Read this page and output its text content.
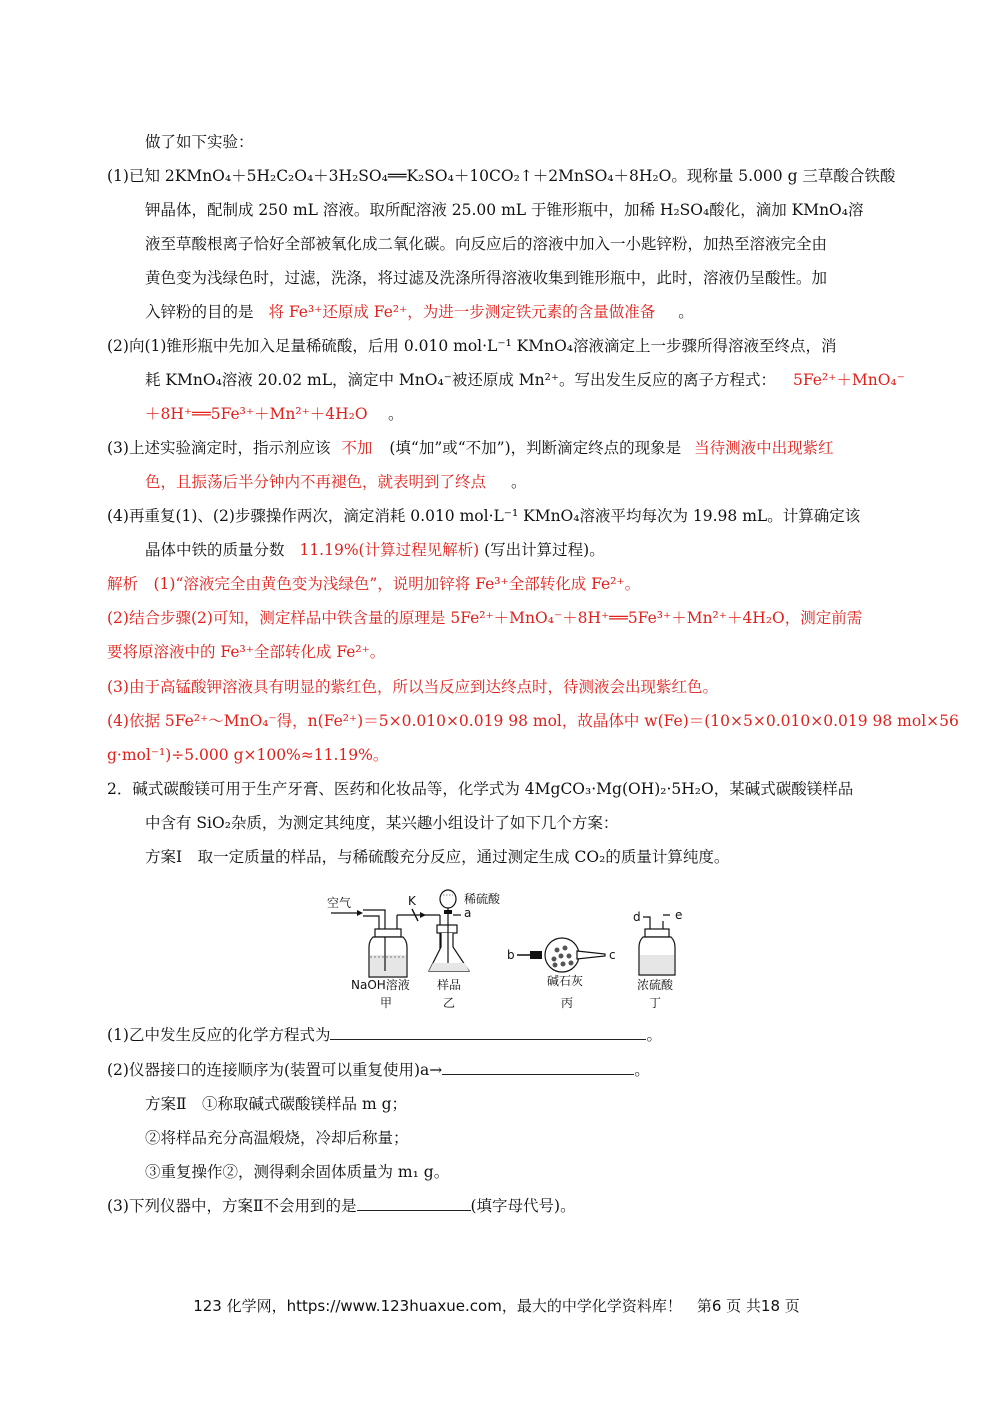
做了如下实验：
(1)已知 2KMnO₄＋5H₂C₂O₄＋3H₂SO₄══K₂SO₄＋10CO₂↑＋2MnSO₄＋8H₂O。现称量 5.000 g 三草酸合铁酸
钾晶体，配制成 250 mL 溶液。取所配溶液 25.00 mL 于锥形瓶中，加稀 H₂SO₄酸化，滴加 KMnO₄溶
液至草酸根离子恰好全部被氧化成二氧化碳。向反应后的溶液中加入一小匙锌粉，加热至溶液完全由
黄色变为浅绿色时，过滤，洗涤，将过滤及洗涤所得溶液收集到锥形瓶中，此时，溶液仍呈酸性。加
(2)向(1)锥形瓶中先加入足量稀硫酸，后用 0.010 mol·L⁻¹ KMnO₄溶液滴定上一步骤所得溶液至终点，消
＋8H⁺══5Fe³⁺＋Mn²⁺＋4H₂O
(4)再重复(1)、(2)步骤操作两次，滴定消耗 0.010 mol·L⁻¹ KMnO₄溶液平均每次为 19.98 mL。计算确定该
解析　(1)“溶液完全由黄色变为浅绿色”，说明加锌将 Fe³⁺全部转化成 Fe²⁺。
(2)结合步骤(2)可知，测定样品中铁含量的原理是 5Fe²⁺＋MnO₄⁻＋8H⁺══5Fe³⁺＋Mn²⁺＋4H₂O，测定前需
要将原溶液中的 Fe³⁺全部转化成 Fe²⁺。
(3)由于高锰酸钾溶液具有明显的紫红色，所以当反应到达终点时，待测液会出现紫红色。
(4)依据 5Fe²⁺～MnO₄⁻得，n(Fe²⁺)＝5×0.010×0.019 98 mol，故晶体中 w(Fe)＝(10×5×0.010×0.019 98 mol×56
g·mol⁻¹)÷5.000 g×100%≈11.19%。
2．碱式碳酸镁可用于生产牙膏、医药和化妆品等，化学式为 4MgCO₃·Mg(OH)₂·5H₂O，某碱式碳酸镁样品
中含有 SiO₂杂质，为测定其纯度，某兴趣小组设计了如下几个方案：
方案Ⅰ　取一定质量的样品，与稀硫酸充分反应，通过测定生成 CO₂的质量计算纯度。
方案Ⅱ　①称取碱式碳酸镁样品 m g；
②将样品充分高温煅烧，冷却后称量；
③重复操作②，测得剩余固体质量为 m₁ g。
入锌粉的目的是 将 Fe³⁺还原成 Fe²⁺，为进一步测定铁元素的含量做准备 。
耗 KMnO₄溶液 20.02 mL，滴定中 MnO₄⁻被还原成 Mn²⁺。写出发生反应的离子方程式： 5Fe²⁺＋MnO₄⁻
。
(3)上述实验滴定时，指示剂应该 不加 (填“加”或“不加”)，判断滴定终点的现象是 当待测液中出现紫红
色，且振荡后半分钟内不再褪色，就表明到了终点 。
晶体中铁的质量分数 11.19%(计算过程见解析) (写出计算过程)。
空气
NaOH溶液
甲
K	稀硫酸
a
样品
乙
b	c
碱石灰
丙
d	e
浓硫酸
丁
(1)乙中发生反应的化学方程式为	。
(2)仪器接口的连接顺序为(装置可以重复使用)a→	。
(3)下列仪器中，方案Ⅱ不会用到的是	(填字母代号)。
123 化学网，https://www.123huaxue.com，最大的中学化学资料库！　第6 页 共18 页
